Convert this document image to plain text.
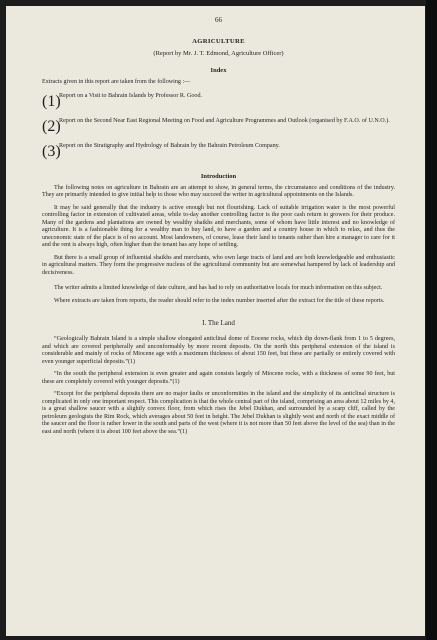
66
AGRICULTURE
(Report by Mr. J. T. Edmond, Agriculture Officer)
Index

Extracts given in this report are taken from the following :—

(1)
Report on a Visit to Bahrain Islands by Professor R. Good.
(2)
Report on the Second Near East Regional Meeting on Food and Agriculture Programmes and Outlook (organised by F.A.O. of U.N.O.).
(3)
Report on the Stratigraphy and Hydrology of Bahrain by the Bahrain Petroleum Company.
Introduction

The following notes on agriculture in Bahrain are an attempt to show, in general terms, the circumstance and conditions of the industry. They are primarily intended to give initial help to those who may succeed the writer in agricultural appointments on the Islands.

It may be said generally that the industry is active enough but not flourishing. Lack of suitable irrigation water is the most powerful controlling factor in extension of cultivated areas, while to-day another controlling factor is the poor cash return to growers for their produce. Many of the gardens and plantations are owned by wealthy shaikhs and merchants, some of whom have little interest and no knowledge of agriculture. It is a fashionable thing for a wealthy man to buy land, to have a garden and a country house in which to relax, and thus the uneconomic state of the place is of no account. Most landowners, of course, lease their land to tenants rather than hire a manager to care for it and the rent is always high, often higher than the tenant has any hope of settling.

But there is a small group of influential shaikhs and merchants, who own large tracts of land and are both knowledgeable and enthusiastic in agricultural matters. They form the progressive nucleus of the agricultural community but are somewhat hampered by lack of leadership and decisiveness.

The writer admits a limited knowledge of date culture, and has had to rely on authoritative locals for much information on this subject.

Where extracts are taken from reports, the reader should refer to the index number inserted after the extract for the title of these reports.

I. The Land

“Geologically Bahrain Island is a simple shallow elongated anticlinal dome of Eocene rocks, which dip down-flank from 1 to 5 degrees, and which are covered peripherally and unconformably by more recent deposits. On the north this peripheral extension of the island is considerable and mainly of rocks of Miocene age with a maximum thickness of about 150 feet, but these are partially or entirely covered with even younger superficial deposits.”(1)

“In the south the peripheral extension is even greater and again consists largely of Miocene rocks, with a thickness of some 90 feet, but these are completely covered with younger deposits.”(1)

“Except for the peripheral deposits there are no major faults or unconformities in the island and the simplicity of its anticlinal structure is complicated in only one important respect. This complication is that the whole central part of the island, comprising an area about 12 miles by 4, is a great shallow saucer with a slightly convex floor, from which rises the Jebel Dukhan, and surrounded by a scarp cliff, called by the petroleum geologists the Rim Rock, which averages about 50 feet in height. The Jebel Dukhan is slightly west and north of the exact middle of the saucer and the floor is rather lower in the south and parts of the west (where it is not more than 50 feet above the level of the sea) than in the east and north (where it is about 100 feet above the sea.”(1)
